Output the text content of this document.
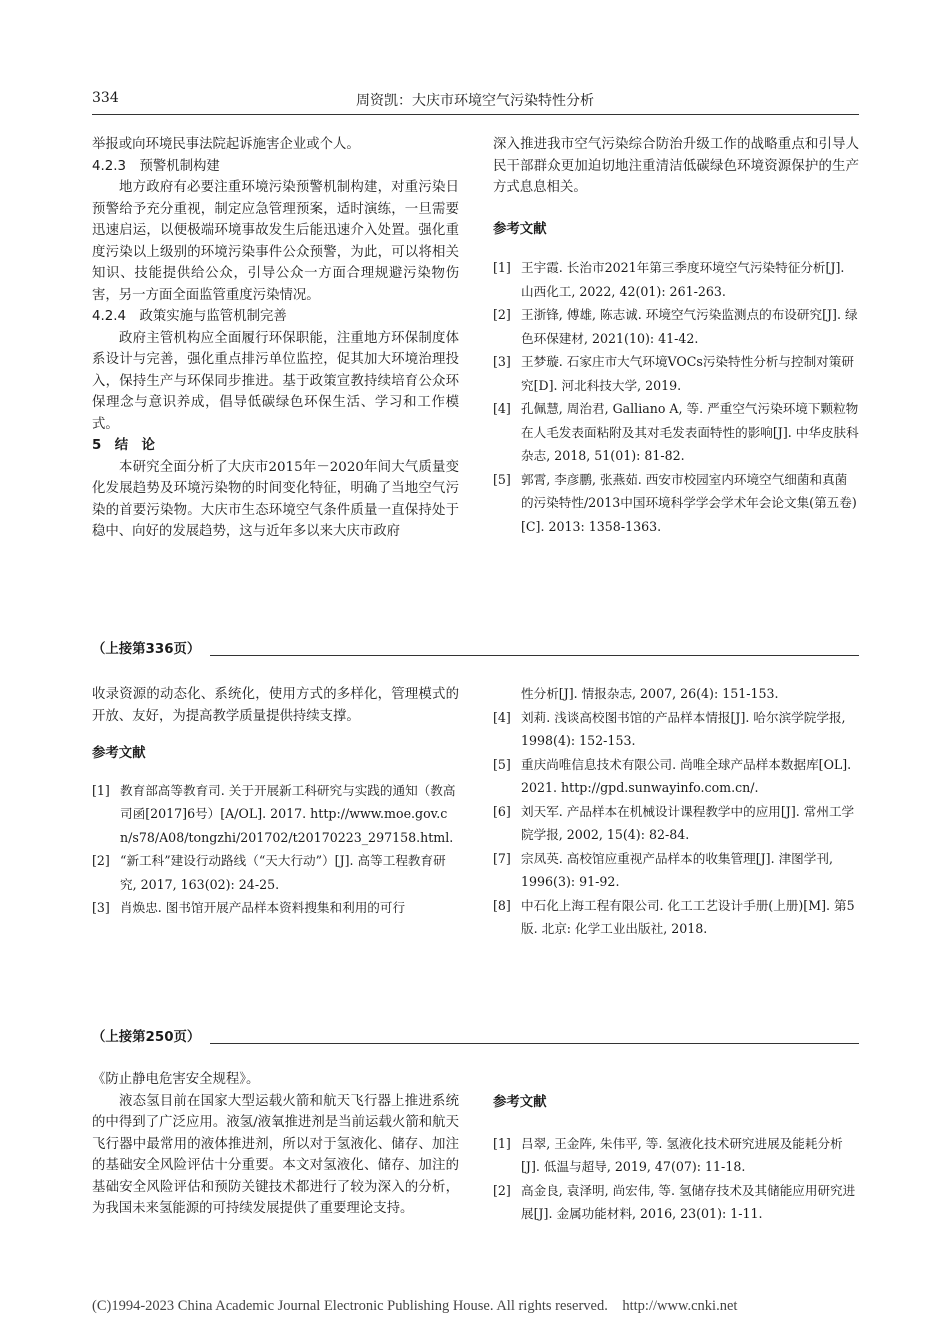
334	周资凯：大庆市环境空气污染特性分析

举报或向环境民事法院起诉施害企业或个人。

4.2.3　预警机制构建

地方政府有必要注重环境污染预警机制构建，对重污染日预警给予充分重视，制定应急管理预案，适时演练，一旦需要迅速启运，以便极端环境事故发生后能迅速介入处置。强化重度污染以上级别的环境污染事件公众预警，为此，可以将相关知识、技能提供给公众，引导公众一方面合理规避污染物伤害，另一方面全面监管重度污染情况。

4.2.4　政策实施与监管机制完善

政府主管机构应全面履行环保职能，注重地方环保制度体系设计与完善，强化重点排污单位监控，促其加大环境治理投入，保持生产与环保同步推进。基于政策宣教持续培育公众环保理念与意识养成，倡导低碳绿色环保生活、学习和工作模式。

5　结　论

本研究全面分析了大庆市2015年－2020年间大气质量变化发展趋势及环境污染物的时间变化特征，明确了当地空气污染的首要污染物。大庆市生态环境空气条件质量一直保持处于稳中、向好的发展趋势，这与近年多以来大庆市政府

深入推进我市空气污染综合防治升级工作的战略重点和引导人民干部群众更加迫切地注重清洁低碳绿色环境资源保护的生产方式息息相关。

参考文献

[1] 王宇霞. 长治市2021年第三季度环境空气污染特征分析[J]. 山西化工, 2022, 42(01): 261-263.
[2] 王浙锋, 傅雄, 陈志诚. 环境空气污染监测点的布设研究[J]. 绿色环保建材, 2021(10): 41-42.
[3] 王梦璇. 石家庄市大气环境VOCs污染特性分析与控制对策研究[D]. 河北科技大学, 2019.
[4] 孔佩慧, 周治君, Galliano A, 等. 严重空气污染环境下颗粒物在人毛发表面粘附及其对毛发表面特性的影响[J]. 中华皮肤科杂志, 2018, 51(01): 81-82.
[5] 郭霄, 李彦鹏, 张燕茹. 西安市校园室内环境空气细菌和真菌的污染特性/2013中国环境科学学会学术年会论文集(第五卷)[C]. 2013: 1358-1363.
（上接第336页）

收录资源的动态化、系统化，使用方式的多样化，管理模式的开放、友好，为提高教学质量提供持续支撑。

参考文献

[1] 教育部高等教育司. 关于开展新工科研究与实践的通知（教高司函[2017]6号）[A/OL]. 2017. http://www.moe.gov.cn/s78/A08/tongzhi/201702/t20170223_297158.html.
[2] “新工科”建设行动路线（“天大行动”）[J]. 高等工程教育研究, 2017, 163(02): 24-25.
[3] 肖焕忠. 图书馆开展产品样本资料搜集和利用的可行
性分析[J]. 情报杂志, 2007, 26(4): 151-153.
[4] 刘莉. 浅谈高校图书馆的产品样本情报[J]. 哈尔滨学院学报, 1998(4): 152-153.
[5] 重庆尚唯信息技术有限公司. 尚唯全球产品样本数据库[OL]. 2021. http://gpd.sunwayinfo.com.cn/.
[6] 刘天军. 产品样本在机械设计课程教学中的应用[J]. 常州工学院学报, 2002, 15(4): 82-84.
[7] 宗凤英. 高校馆应重视产品样本的收集管理[J]. 津图学刊, 1996(3): 91-92.
[8] 中石化上海工程有限公司. 化工工艺设计手册(上册)[M]. 第5版. 北京: 化学工业出版社, 2018.
（上接第250页）

《防止静电危害安全规程》。

液态氢目前在国家大型运载火箭和航天飞行器上推进系统的中得到了广泛应用。液氢/液氧推进剂是当前运载火箭和航天飞行器中最常用的液体推进剂，所以对于氢液化、储存、加注的基础安全风险评估十分重要。本文对氢液化、储存、加注的基础安全风险评估和预防关键技术都进行了较为深入的分析，为我国未来氢能源的可持续发展提供了重要理论支持。

参考文献

[1] 吕翠, 王金阵, 朱伟平, 等. 氢液化技术研究进展及能耗分析[J]. 低温与超导, 2019, 47(07): 11-18.
[2] 高金良, 袁泽明, 尚宏伟, 等. 氢储存技术及其储能应用研究进展[J]. 金属功能材料, 2016, 23(01): 1-11.
(C)1994-2023 China Academic Journal Electronic Publishing House. All rights reserved.    http://www.cnki.net
